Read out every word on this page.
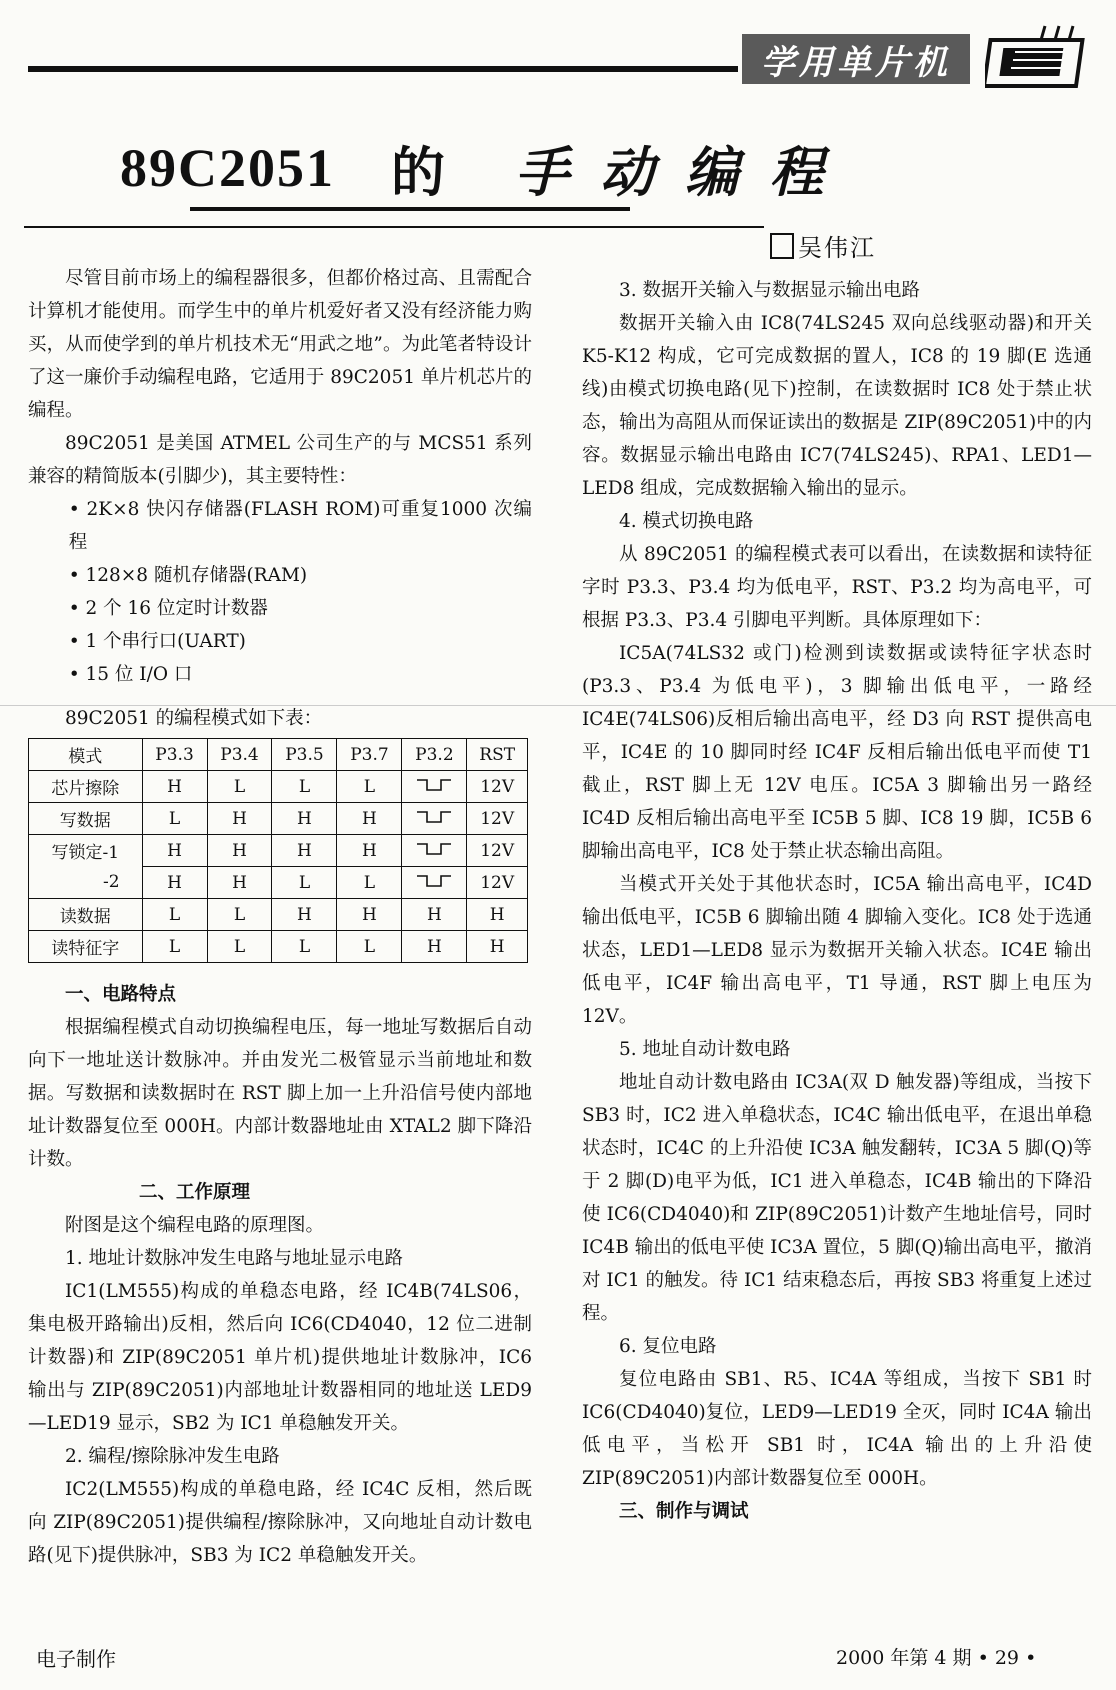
学用单片机
89C2051 的 手 动 编 程
吴伟江

尽管目前市场上的编程器很多，但都价格过高、且需配合计算机才能使用。而学生中的单片机爱好者又没有经济能力购买，从而使学到的单片机技术无“用武之地”。为此笔者特设计了这一廉价手动编程电路，它适用于 89C2051 单片机芯片的编程。

89C2051 是美国 ATMEL 公司生产的与 MCS51 系列兼容的精简版本(引脚少)，其主要特性：

• 2K×8 快闪存储器(FLASH ROM)可重复1000 次编程

• 128×8 随机存储器(RAM)

• 2 个 16 位定时计数器

• 1 个串行口(UART)

• 15 位 I/O 口

89C2051 的编程模式如下表：

模式	P3.3	P3.4	P3.5	P3.7	P3.2	RST
芯片擦除	H	L	L	L		12V
写数据	L	H	H	H		12V
写锁定-1	H	H	H	H		12V
-2	H	H	L	L		12V
读数据	L	L	H	H	H	H
读特征字	L	L	L	L	H	H

一、电路特点

根据编程模式自动切换编程电压，每一地址写数据后自动向下一地址送计数脉冲。并由发光二极管显示当前地址和数据。写数据和读数据时在 RST 脚上加一上升沿信号使内部地址计数器复位至 000H。内部计数器地址由 XTAL2 脚下降沿计数。

二、工作原理

附图是这个编程电路的原理图。

1. 地址计数脉冲发生电路与地址显示电路

IC1(LM555)构成的单稳态电路，经 IC4B(74LS06，集电极开路输出)反相，然后向 IC6(CD4040，12 位二进制计数器)和 ZIP(89C2051 单片机)提供地址计数脉冲，IC6 输出与 ZIP(89C2051)内部地址计数器相同的地址送 LED9—LED19 显示，SB2 为 IC1 单稳触发开关。

2. 编程/擦除脉冲发生电路

IC2(LM555)构成的单稳电路，经 IC4C 反相，然后既向 ZIP(89C2051)提供编程/擦除脉冲，又向地址自动计数电路(见下)提供脉冲，SB3 为 IC2 单稳触发开关。

3. 数据开关输入与数据显示输出电路

数据开关输入由 IC8(74LS245 双向总线驱动器)和开关 K5-K12 构成，它可完成数据的置人，IC8 的 19 脚(E 选通线)由模式切换电路(见下)控制，在读数据时 IC8 处于禁止状态，输出为高阻从而保证读出的数据是 ZIP(89C2051)中的内容。数据显示输出电路由 IC7(74LS245)、RPA1、LED1—LED8 组成，完成数据输入输出的显示。

4. 模式切换电路

从 89C2051 的编程模式表可以看出，在读数据和读特征字时 P3.3、P3.4 均为低电平，RST、P3.2 均为高电平，可根据 P3.3、P3.4 引脚电平判断。具体原理如下：

IC5A(74LS32 或门)检测到读数据或读特征字状态时(P3.3、P3.4 为低电平)，3 脚输出低电平，一路经 IC4E(74LS06)反相后输出高电平，经 D3 向 RST 提供高电平，IC4E 的 10 脚同时经 IC4F 反相后输出低电平而使 T1 截止，RST 脚上无 12V 电压。IC5A 3 脚输出另一路经 IC4D 反相后输出高电平至 IC5B 5 脚、IC8 19 脚，IC5B 6 脚输出高电平，IC8 处于禁止状态输出高阻。

当模式开关处于其他状态时，IC5A 输出高电平，IC4D 输出低电平，IC5B 6 脚输出随 4 脚输入变化。IC8 处于选通状态，LED1—LED8 显示为数据开关输入状态。IC4E 输出低电平，IC4F 输出高电平，T1 导通，RST 脚上电压为 12V。

5. 地址自动计数电路

地址自动计数电路由 IC3A(双 D 触发器)等组成，当按下 SB3 时，IC2 进入单稳状态，IC4C 输出低电平，在退出单稳状态时，IC4C 的上升沿使 IC3A 触发翻转，IC3A 5 脚(Q)等于 2 脚(D)电平为低，IC1 进入单稳态，IC4B 输出的下降沿使 IC6(CD4040)和 ZIP(89C2051)计数产生地址信号，同时 IC4B 输出的低电平使 IC3A 置位，5 脚(Q)输出高电平，撤消对 IC1 的触发。待 IC1 结束稳态后，再按 SB3 将重复上述过程。

6. 复位电路

复位电路由 SB1、R5、IC4A 等组成，当按下 SB1 时 IC6(CD4040)复位，LED9—LED19 全灭，同时 IC4A 输出低电平，当松开 SB1 时，IC4A 输出的上升沿使 ZIP(89C2051)内部计数器复位至 000H。

三、制作与调试

电子制作	2000 年第 4 期 • 29 •
